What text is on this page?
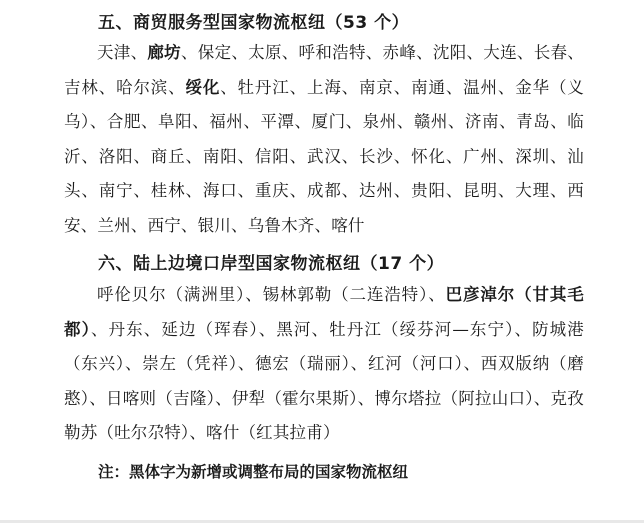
五、商贸服务型国家物流枢纽（53 个）
天津、廊坊、保定、太原、呼和浩特、赤峰、沈阳、大连、长春、吉林、哈尔滨、绥化、牡丹江、上海、南京、南通、温州、金华（义乌）、合肥、阜阳、福州、平潭、厦门、泉州、赣州、济南、青岛、临沂、洛阳、商丘、南阳、信阳、武汉、长沙、怀化、广州、深圳、汕头、南宁、桂林、海口、重庆、成都、达州、贵阳、昆明、大理、西安、兰州、西宁、银川、乌鲁木齐、喀什
六、陆上边境口岸型国家物流枢纽（17 个）
呼伦贝尔（满洲里）、锡林郭勒（二连浩特）、巴彦淖尔（甘其毛都）、丹东、延边（珲春）、黑河、牡丹江（绥芬河—东宁）、防城港（东兴）、崇左（凭祥）、德宏（瑞丽）、红河（河口）、西双版纳（磨憨）、日喀则（吉隆）、伊犁（霍尔果斯）、博尔塔拉（阿拉山口）、克孜勒苏（吐尔尕特）、喀什（红其拉甫）
注：黑体字为新增或调整布局的国家物流枢纽
